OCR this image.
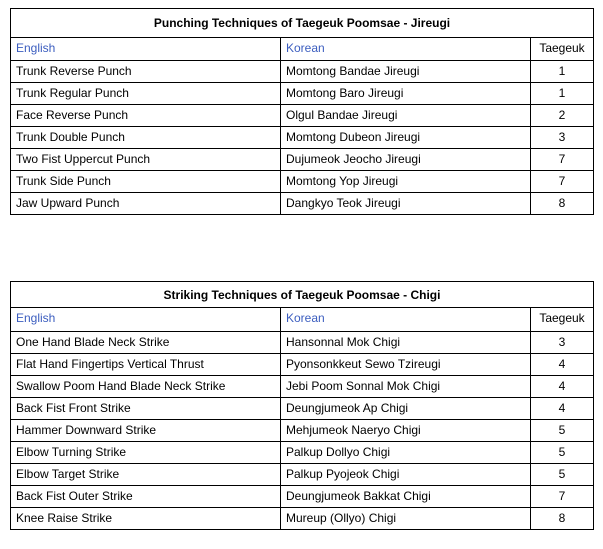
Punching Techniques of Taegeuk Poomsae - Jireugi		
English	Korean	Taegeuk
Trunk Reverse Punch	Momtong Bandae Jireugi	1
Trunk Regular Punch	Momtong Baro Jireugi	1
Face Reverse Punch	Olgul Bandae Jireugi	2
Trunk Double Punch	Momtong Dubeon Jireugi	3
Two Fist Uppercut Punch	Dujumeok Jeocho Jireugi	7
Trunk Side Punch	Momtong Yop Jireugi	7
Jaw Upward Punch	Dangkyo Teok Jireugi	8
Striking Techniques of Taegeuk Poomsae - Chigi		
English	Korean	Taegeuk
One Hand Blade Neck Strike	Hansonnal Mok Chigi	3
Flat Hand Fingertips Vertical Thrust	Pyonsonkkeut Sewo Tzireugi	4
Swallow Poom Hand Blade Neck Strike	Jebi Poom Sonnal Mok Chigi	4
Back Fist Front Strike	Deungjumeok Ap Chigi	4
Hammer Downward Strike	Mehjumeok Naeryo Chigi	5
Elbow Turning Strike	Palkup Dollyo Chigi	5
Elbow Target Strike	Palkup Pyojeok Chigi	5
Back Fist Outer Strike	Deungjumeok Bakkat Chigi	7
Knee Raise Strike	Mureup (Ollyo) Chigi	8
